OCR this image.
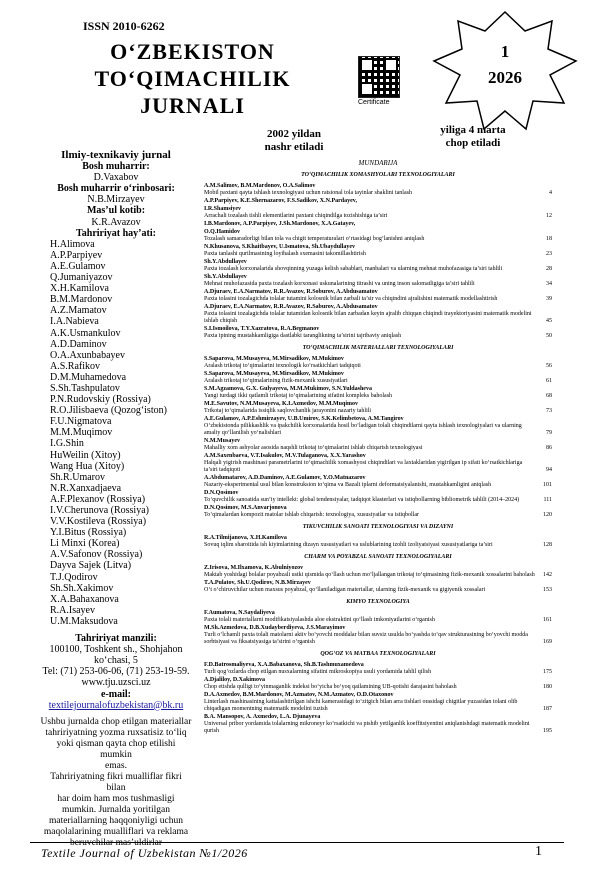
ISSN 2010-6262
O‘ZBEKISTON
TO‘QIMACHILIK
JURNALI	Certificate
1
2026
2002 yildan
nashr etiladi
yiliga 4 marta
chop etiladi
Ilmiy-texnikaviy jurnal
Bosh muharrir:
D.Vaxabov
Bosh muharrir o‘rinbosari:
N.B.Mirzayev
Mas’ul kotib:
K.R.Avazov
Tahririyat hay’ati:
H.Alimova
A.P.Parpiyev
A.E.Gulamov
Q.Jumaniyazov
X.H.Kamilova
B.M.Mardonov
A.Z.Mamatov
I.A.Nabieva
A.K.Usmankulov
A.D.Daminov
O.A.Axunbabayev
A.S.Rafikov
D.M.Muhamedova
S.Sh.Tashpulatov
P.N.Rudovskiy (Rossiya)
R.O.Jilisbaeva (Qozog‘iston)
F.U.Nigmatova
M.M.Muqimov
I.G.Shin
HuWeilin (Xitoy)
Wang Hua (Xitoy)
Sh.R.Umarov
N.R.Xanxadjaeva
A.F.Plexanov (Rossiya)
I.V.Cherunova (Rossiya)
V.V.Kostileva (Rossiya)
Y.I.Bitus (Rossiya)
Li Minxi (Korea)
A.V.Safonov (Rossiya)
Dayva Sajek (Litva)
T.J.Qodirov
Sh.Sh.Xakimov
X.A.Bahaxanova
R.A.Isayev
U.M.Maksudova
Tahririyat manzili:
100100, Toshkent sh., Shohjahon
ko‘chasi, 5
Tel: (71) 253-06-06, (71) 253-19-59.
www.tju.uzsci.uz
e-mail:
textilejournalofuzbekistan@bk.ru
Ushbu jurnalda chop etilgan materiallar
tahririyatning yozma ruxsatisiz to‘liq
yoki qisman qayta chop etilishi mumkin
emas.
Tahririyatning fikri mualliflar fikri bilan
har doim ham mos tushmasligi
mumkin. Jurnalda yoritilgan
materiallarning haqqoniyligi uchun
maqolalarining mualliflari va reklama
beruvchilar mas’uldirlar
MUNDARIJA
TO‘QIMACHILIK XOMASHYOLARI TEXNOLOGIYALARI
A.M.Salimov, B.M.Mardonov, O.A.Salimov
Mobil paxtani qayta ishlash texnologiyasi uchun ratsional tola tayinlar shaklini tanlash	4
A.P.Parpiyev, K.E.Shernazarov, F.S.Sadikov, X.N.Pardayev,
I.R.Shamsiyev
Arrachali tozalash tishli elementlarini paxtani chiqindilga tozishishiga ta’siri	12
I.B.Mardonov, A.P.Parpiyev, J.Sh.Mardonov, X.A.Gatayev,
O.Q.Hamidov
Tozalash samaradorligi bilan tola va chigit temperaturalari o‘rtasidagi bog‘lanishni aniqlash	18
N.Khusanova, S.Khaitbayev, U.Ismatova, Sh.Ubaydullayev
Paxta tanlashi qurilmasining loyihalash sxemasini takomillashtirish	23
Sh.Y.Abdullayev
Paxta tozalash korxonalarida shovqinning yuzaga kelish sabablari, manbalari va ularning mehnat muhofazasiga ta’siri tahlili	28
Sh.Y.Abdullayev
Mehnat muhofazasida paxta tozalash korxonasi uskunalarining titrashi va uning inson salomatligiga ta’siri tahlili	34
A.Djuraev, E.A.Narmatov, R.R.Avazov, R.Soburov, A.Abdusamatov
Paxta tolasini tozalagichda tolalar tutamini kolosnik bilan zarbali ta’sir va chiqindini ajralishini matematik modellashtirish	39
A.Djuraev, E.A.Narmatov, R.R.Avazov, R.Saburov, A.Abdusamatov
Paxta tolasini tozalagichda tolalar tutamidan kolosnik bilan zarbadan keyin ajralib chiqqan chiqindi trayektoriyasini matematik modelini ishlab chiqish	45
S.I.Ismoilova, T.Y.Xazratova, R.A.Begmanov
Paxta ipining mustahkamligiga dastlabki taranglikning ta’sirini tajribaviy aniqlash	50
TO‘QIMACHILIK MATERIALLARI TEXNOLOGIYALARI
S.Saparova, M.Musayeva, M.Mirsadikov, M.Mukimov
Aralash trikotaj to‘qimalarini texnologik ko‘rsatkichlari tadqiqoti	56
S.Saparova, M.Musayeva, M.Mirsadikov, M.Mukimov
Aralash trikotaj to‘qimalarining fizik-mexanik xususiyatlari	61
S.M.Agzamova, G.X. Gulyayeva, M.M.Mukimov, S.N.Yuldasheva
Yangi turdagi ikki qatlamli trikotaj to‘qimalarining sifatini kompleks baholash	68
M.E.Savutov, N.M.Musayeva, K.I.Azmedov, M.M.Muqimov
Trikotaj to‘qimalarida issiqlik saqlovchanlik jarayonini nazariy tahlili	73
A.E.Gulamov, A.P.Eshmirzayev, U.B.Umirov, S.K.Kelimbetova, A.M.Tangirov
O‘zbekistonda pilikkashlik va ipakchilik korxonalarida hosil bo‘ladigan tolali chiqindilarni qayta ishlash texnologiyalari va ularning amaliy qo‘llanilish yo‘nalishlari	79
N.M.Musayev
Mahalliy xom ashyolar asosida naqshli trikotaj to‘qimalarini ishlab chiqarish texnologiyasi	86
A.M.Saxenbaeva, V.T.Isakulov, M.V.Tulaganova, X.X.Yarashov
Halqali yigirish mashinasi parametrlarini to‘qimachilik xomashyosi chiqindilari va laxtaklaridan yigirilgan ip sifati ko‘rsatkichlariga ta’siri tadqiqoti	94
A.Abdumatarov, A.D.Daminov, A.E.Gulamov, Y.O.Matnazarov
Nazariy-eksperimental usul bilan konstruksion to‘qima va Bazalt iplarni deformatsiyalanishi, mustahkamligini aniqlash	101
D.N.Qosimov
To‘quvchilik sanoatida sun’iy intellekt: global tendensiyalar, tadqiqot klasterlari va istiqbollarning bibliometrik tahlili (2014–2024)	111
D.N.Qosimov, M.S.Anvarjonova
To‘qimalardan kompozit matolar ishlab chiqarish: texnologiya, xususiyatlar va istiqbollar	120
TIKUVCHILIK SANOATI TEXNOLOGIYASI VA DIZAYNI
R.A.Tilmijanova, X.H.Kamilova
Sovuq iqlim sharoitida ish kiyimlarining dizayn xususiyatlari va uslublarining izohli izoliyatsiyasi xususiyatlariga ta’siri	128
CHARM VA POYABZAL SANOATI TEXNOLOGIYALARI
Z.Irisova, M.Ilxamova, K.Abulniyozov
Maktab yoshidagi bolalar poyabzali ustki qismida qo‘llash uchun mo‘ljallangan trikotaj to‘qimasining fizik-mexanik xossalarini baholash 142
T.A.Pulatov, Sh.U.Qodirov, N.B.Mirzayev
O‘t o‘chiruvchilar uchun maxsus poyabzal, qo‘llaniladigan materiallar, ularning fizik-mexanik va gigiyenik xossalari	153
KIMYO TEXNOLOGIYA
F.Aumatova, N.Saydaliyeva
Paxta tolali materiallarni modifikatsiyalashda aloe ekstraktini qo‘llash imkoniyatlarini o‘rganish	161
M.Sh.Azmedova, D.B.Xudayberdiyeva, J.S.Marayimov
Turli o‘lchamli paxta tolali matolarni aktiv bo‘yovchi moddalar bilan suvsiz usulda bo‘yashda to‘qav strukturasining bo‘yovchi modda sorbtsiyasi va fiksatsiyasiga ta’sirini o‘rganish	169
QOG‘OZ VA MATBAA TEXNOLOGIYALARI
F.D.Batrosmaliyeva, X.A.Babaxanova, Sh.B.Tashmuxamedova
Turli qog‘ozlarda chop etilgan nusxalarning sifatini mikroskopiya usuli yordamida tahlil qilish	175
A.Djaliloy, D.Xakimova
Chop etishda qulligi to‘yinmaganlik indeksi bo‘yicha bo‘yoq qatlamining UB-qotishi darajasini baholash	180
D.A.Axmedov, B.M.Mardonov, M.Azmatov, N.M.Azmatov, O.D.Otaxonov
Linterlash mashinasining kattalashtirilgan ishchi kamerasidagi to‘zitgich bilan arra tishlari orasidagi chigitlar yuzasidan tolani olib chiqadigan momentning matematik modelini tuzish	187
B.A. Mansopov, A. Axmedov, L.A. Djunayeva
Universal pribor yordamida tolalarning mikronеyr ko‘rsatkichi va pishib yetilganlik koeffitsiyentini aniqlanishdagi matematik modelini qurish	195
Textile Journal of Uzbekistan №1/2026	1
